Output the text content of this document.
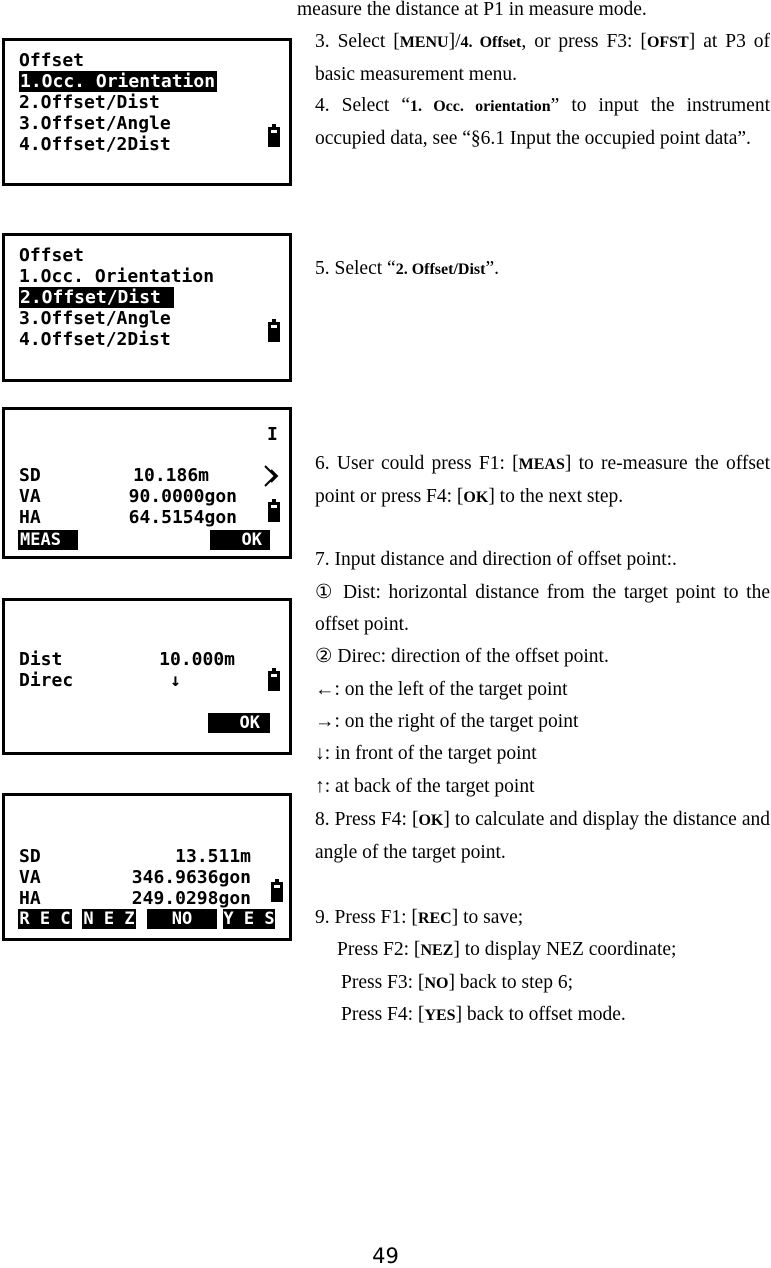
measure the distance at P1 in measure mode.

Offset
1.Occ. Orientation
2.Offset/Dist
3.Offset/Angle
4.Offset/2Dist
Offset
1.Occ. Orientation
2.Offset/Dist
3.Offset/Angle
4.Offset/2Dist
I
SD	10.186m
VA	90.0000gon
HA	64.5154gon
MEAS	OK
Dist	10.000m
Direc	↓
OK
SD	13.511m
VA	346.9636gon
HA	249.0298gon
R E C N E Z	NO	Y E S

3. Select [MENU]/4. Offset, or press F3: [OFST] at P3 of basic measurement menu.

4. Select “1. Occ. orientation” to input the instrument occupied data, see “§6.1 Input the occupied point data”.

5. Select “2. Offset/Dist”.

6. User could press F1: [MEAS] to re-measure the offset point or press F4: [OK] to the next step.

7. Input distance and direction of offset point:.

① Dist: horizontal distance from the target point to the offset point.

② Direc: direction of the offset point.

←: on the left of the target point

→: on the right of the target point

↓: in front of the target point

↑: at back of the target point

8. Press F4: [OK] to calculate and display the distance and angle of the target point.

9. Press F1: [REC] to save;

Press F2: [NEZ] to display NEZ coordinate;

Press F3: [NO] back to step 6;

Press F4: [YES] back to offset mode.

49
